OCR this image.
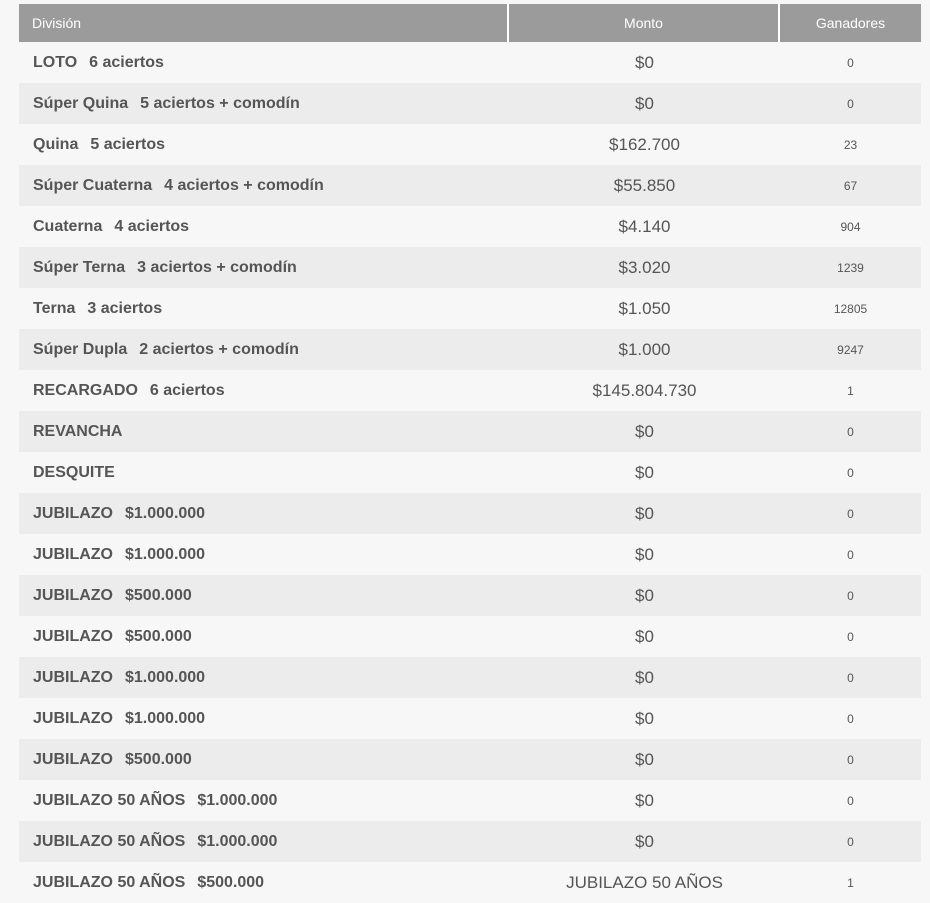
División	Monto	Ganadores
LOTO 6 aciertos	$0	0
Súper Quina 5 aciertos + comodín	$0	0
Quina 5 aciertos	$162.700	23
Súper Cuaterna 4 aciertos + comodín	$55.850	67
Cuaterna 4 aciertos	$4.140	904
Súper Terna 3 aciertos + comodín	$3.020	1239
Terna 3 aciertos	$1.050	12805
Súper Dupla 2 aciertos + comodín	$1.000	9247
RECARGADO 6 aciertos	$145.804.730	1
REVANCHA	$0	0
DESQUITE	$0	0
JUBILAZO $1.000.000	$0	0
JUBILAZO $1.000.000	$0	0
JUBILAZO $500.000	$0	0
JUBILAZO $500.000	$0	0
JUBILAZO $1.000.000	$0	0
JUBILAZO $1.000.000	$0	0
JUBILAZO $500.000	$0	0
JUBILAZO 50 AÑOS $1.000.000	$0	0
JUBILAZO 50 AÑOS $1.000.000	$0	0
JUBILAZO 50 AÑOS $500.000	JUBILAZO 50 AÑOS	1
